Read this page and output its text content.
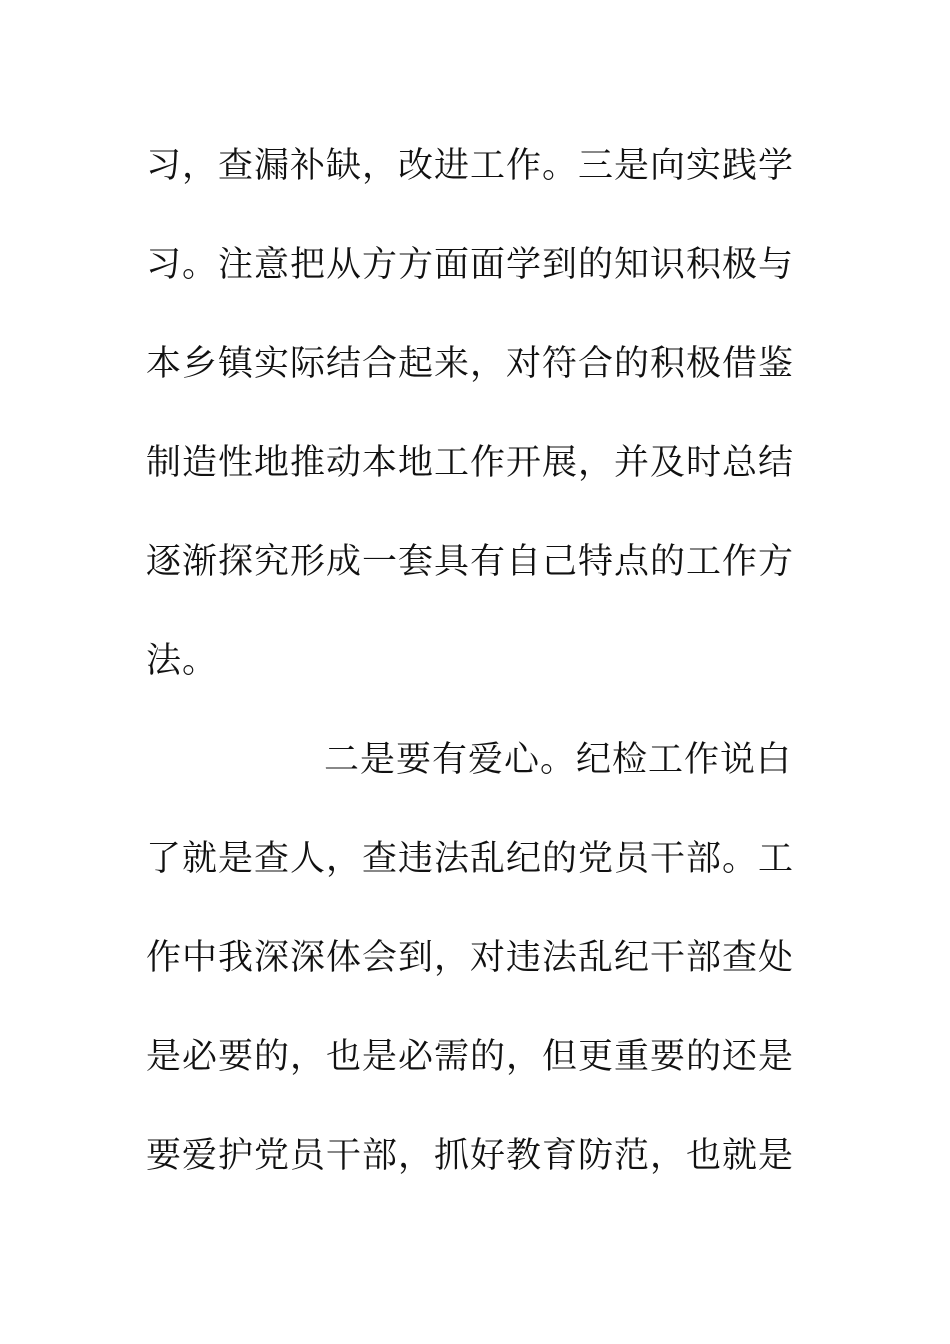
习，查漏补缺，改进工作。三是向实践学
习。注意把从方方面面学到的知识积极与
本乡镇实际结合起来，对符合的积极借鉴
制造性地推动本地工作开展，并及时总结
逐渐探究形成一套具有自己特点的工作方
法。
二是要有爱心。纪检工作说白
了就是查人，查违法乱纪的党员干部。工
作中我深深体会到，对违法乱纪干部查处
是必要的，也是必需的，但更重要的还是
要爱护党员干部，抓好教育防范，也就是
